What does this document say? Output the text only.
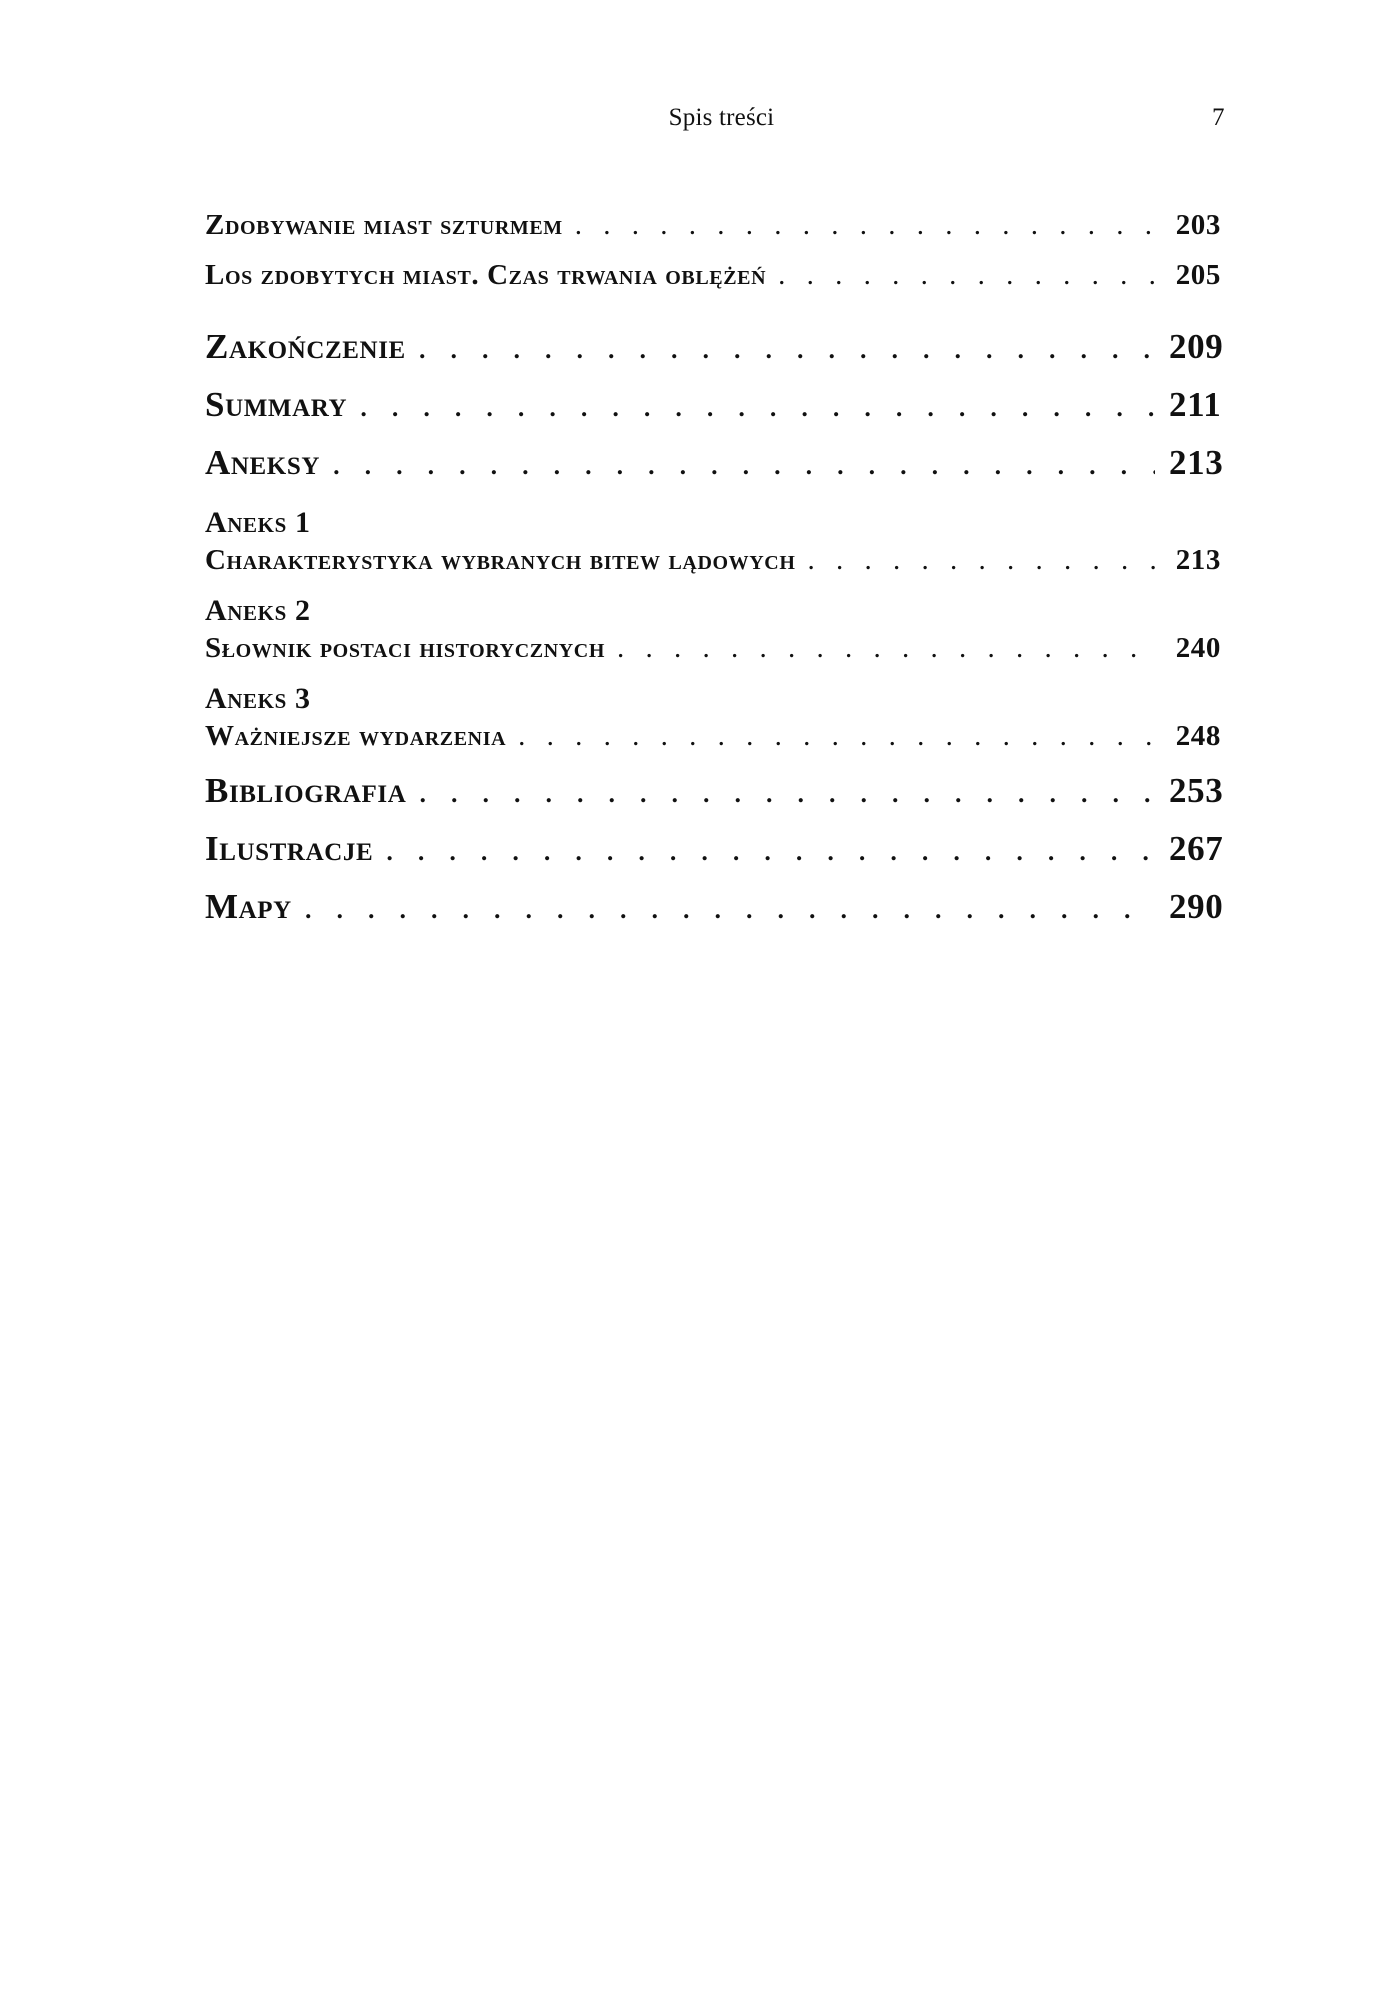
Spis treści	7
Zdobywanie miast szturmem . . .	203
Los zdobytych miast. Czas trwania oblężeń . . .	205
Zakończenie . . .	209
Summary . . .	211
Aneksy . . .	213
Aneks 1
Charakterystyka wybranych bitew lądowych . . .	213
Aneks 2
Słownik postaci historycznych . . .	240
Aneks 3
Ważniejsze wydarzenia . . .	248
Bibliografia . . .	253
Ilustracje . . .	267
Mapy . . .	290
